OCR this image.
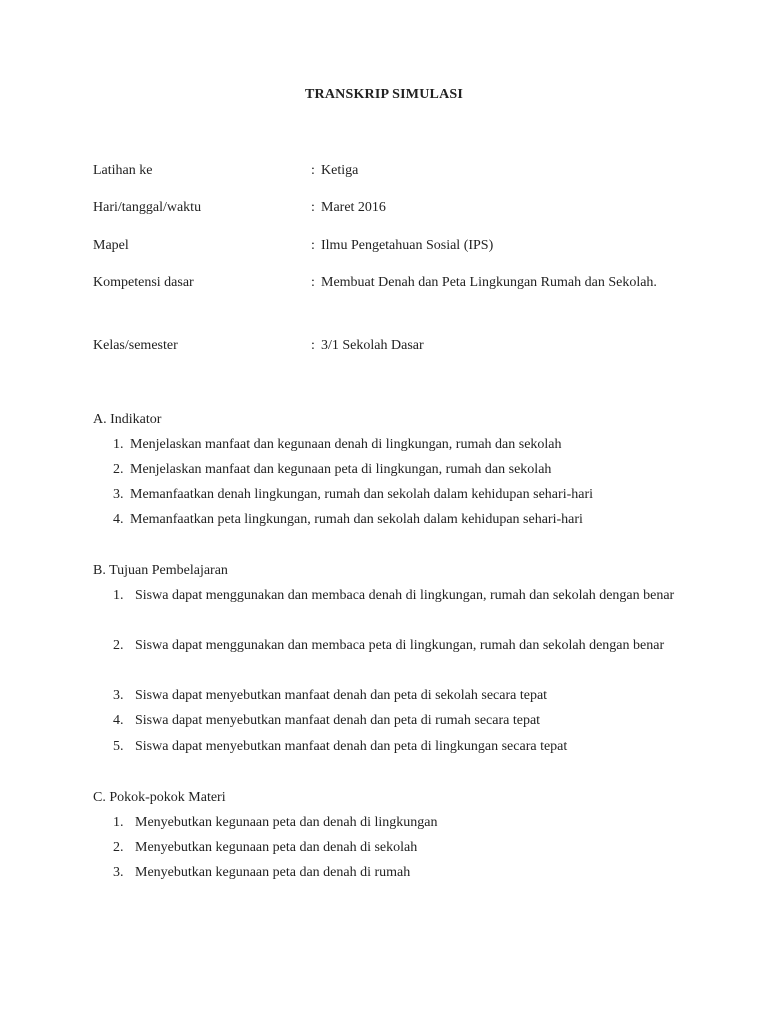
TRANSKRIP SIMULASI
Latihan ke	: Ketiga
Hari/tanggal/waktu	: Maret 2016
Mapel	: Ilmu Pengetahuan Sosial (IPS)
Kompetensi dasar	: Membuat Denah dan Peta Lingkungan Rumah dan Sekolah.
Kelas/semester	: 3/1 Sekolah Dasar
A. Indikator
1. Menjelaskan manfaat dan kegunaan denah di lingkungan, rumah dan sekolah
2. Menjelaskan manfaat dan kegunaan peta di lingkungan, rumah dan sekolah
3. Memanfaatkan denah lingkungan, rumah dan sekolah dalam kehidupan sehari-hari
4. Memanfaatkan peta lingkungan, rumah dan sekolah dalam kehidupan sehari-hari
B. Tujuan Pembelajaran
1. Siswa dapat menggunakan dan membaca denah di lingkungan, rumah dan sekolah dengan benar
2. Siswa dapat menggunakan dan membaca peta di lingkungan, rumah dan sekolah dengan benar
3. Siswa dapat menyebutkan manfaat denah dan peta di sekolah secara tepat
4. Siswa dapat menyebutkan manfaat denah dan peta di rumah secara tepat
5. Siswa dapat menyebutkan manfaat denah dan peta di lingkungan secara tepat
C. Pokok-pokok Materi
1. Menyebutkan kegunaan peta dan denah di lingkungan
2. Menyebutkan kegunaan peta dan denah di sekolah
3. Menyebutkan kegunaan peta dan denah di rumah
